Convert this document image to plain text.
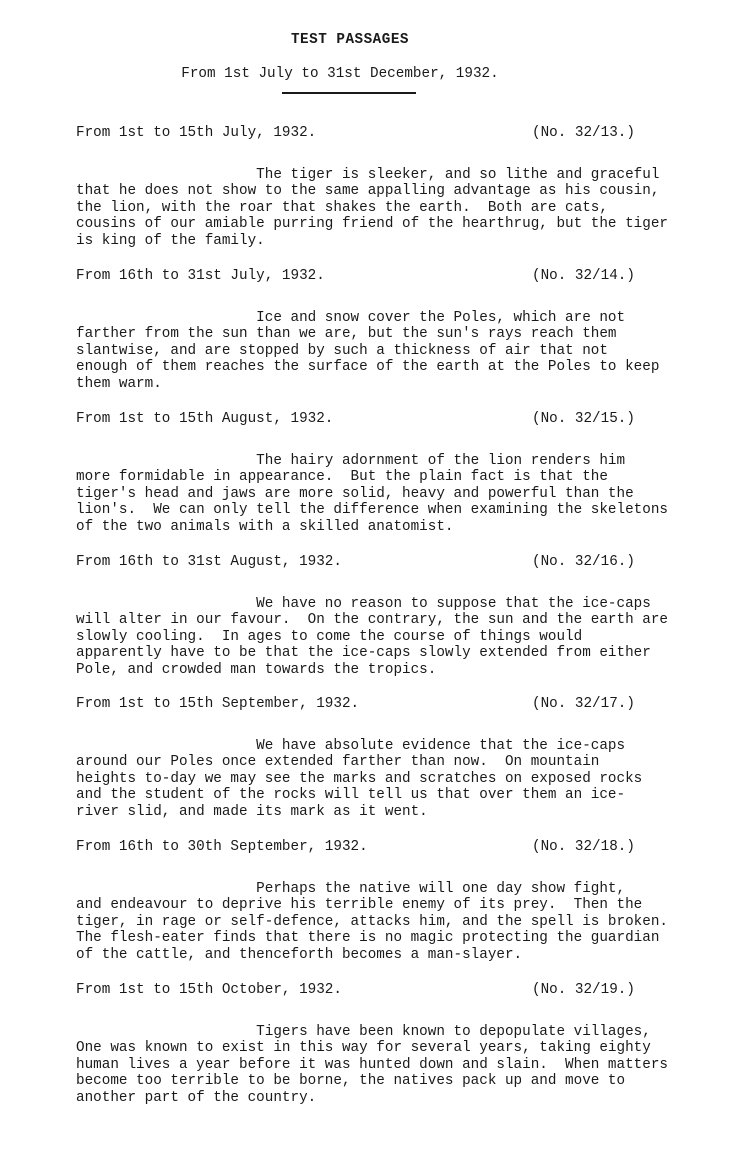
TEST PASSAGES
From 1st July to 31st December, 1932.
From 1st to 15th July, 1932.	(No. 32/13.)

The tiger is sleeker, and so lithe and graceful
that he does not show to the same appalling advantage as his cousin,
the lion, with the roar that shakes the earth.  Both are cats,
cousins of our amiable purring friend of the hearthrug, but the tiger
is king of the family.

From 16th to 31st July, 1932.	(No. 32/14.)

Ice and snow cover the Poles, which are not
farther from the sun than we are, but the sun's rays reach them
slantwise, and are stopped by such a thickness of air that not
enough of them reaches the surface of the earth at the Poles to keep
them warm.

From 1st to 15th August, 1932.	(No. 32/15.)

The hairy adornment of the lion renders him
more formidable in appearance.  But the plain fact is that the
tiger's head and jaws are more solid, heavy and powerful than the
lion's.  We can only tell the difference when examining the skeletons
of the two animals with a skilled anatomist.

From 16th to 31st August, 1932.	(No. 32/16.)

We have no reason to suppose that the ice-caps
will alter in our favour.  On the contrary, the sun and the earth are
slowly cooling.  In ages to come the course of things would
apparently have to be that the ice-caps slowly extended from either
Pole, and crowded man towards the tropics.

From 1st to 15th September, 1932.	(No. 32/17.)

We have absolute evidence that the ice-caps
around our Poles once extended farther than now.  On mountain
heights to-day we may see the marks and scratches on exposed rocks
and the student of the rocks will tell us that over them an ice-
river slid, and made its mark as it went.

From 16th to 30th September, 1932.	(No. 32/18.)

Perhaps the native will one day show fight,
and endeavour to deprive his terrible enemy of its prey.  Then the
tiger, in rage or self-defence, attacks him, and the spell is broken.
The flesh-eater finds that there is no magic protecting the guardian
of the cattle, and thenceforth becomes a man-slayer.

From 1st to 15th October, 1932.	(No. 32/19.)

Tigers have been known to depopulate villages,
One was known to exist in this way for several years, taking eighty
human lives a year before it was hunted down and slain.  When matters
become too terrible to be borne, the natives pack up and move to
another part of the country.
